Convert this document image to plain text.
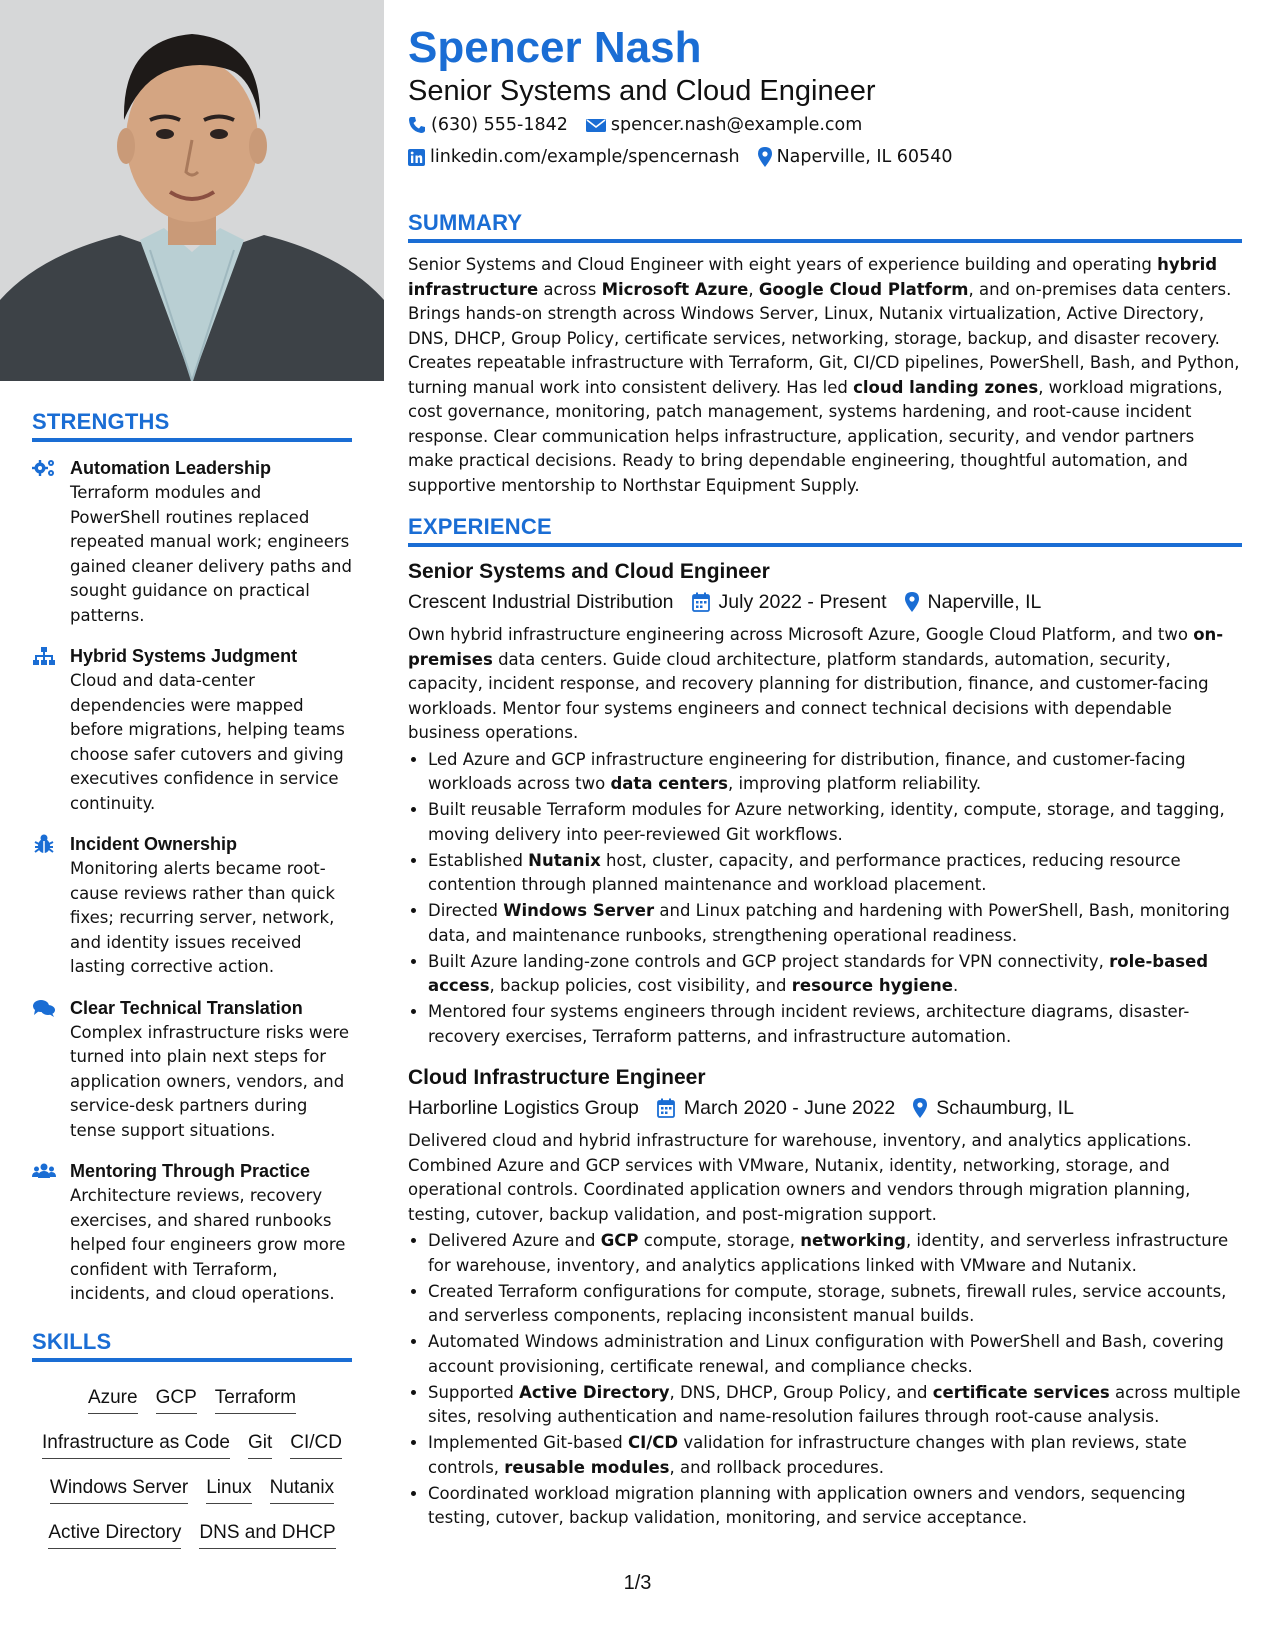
STRENGTHS
Automation Leadership
Terraform modules and PowerShell routines replaced repeated manual work; engineers gained cleaner delivery paths and sought guidance on practical patterns.
Hybrid Systems Judgment
Cloud and data-center dependencies were mapped before migrations, helping teams choose safer cutovers and giving executives confidence in service continuity.
Incident Ownership
Monitoring alerts became root-cause reviews rather than quick fixes; recurring server, network, and identity issues received lasting corrective action.
Clear Technical Translation
Complex infrastructure risks were turned into plain next steps for application owners, vendors, and service-desk partners during tense support situations.
Mentoring Through Practice
Architecture reviews, recovery exercises, and shared runbooks helped four engineers grow more confident with Terraform, incidents, and cloud operations.
SKILLS
Azure GCP Terraform
Infrastructure as Code Git CI/CD
Windows Server Linux Nutanix
Active Directory DNS and DHCP
Spencer Nash
Senior Systems and Cloud Engineer
(630) 555-1842 spencer.nash@example.com
linkedin.com/example/spencernash Naperville, IL 60540
SUMMARY
Senior Systems and Cloud Engineer with eight years of experience building and operating hybrid infrastructure across Microsoft Azure, Google Cloud Platform, and on-premises data centers. Brings hands-on strength across Windows Server, Linux, Nutanix virtualization, Active Directory, DNS, DHCP, Group Policy, certificate services, networking, storage, backup, and disaster recovery. Creates repeatable infrastructure with Terraform, Git, CI/CD pipelines, PowerShell, Bash, and Python, turning manual work into consistent delivery. Has led cloud landing zones, workload migrations, cost governance, monitoring, patch management, systems hardening, and root-cause incident response. Clear communication helps infrastructure, application, security, and vendor partners make practical decisions. Ready to bring dependable engineering, thoughtful automation, and supportive mentorship to Northstar Equipment Supply.
EXPERIENCE
Senior Systems and Cloud Engineer
Crescent Industrial Distribution July 2022 - Present Naperville, IL
Own hybrid infrastructure engineering across Microsoft Azure, Google Cloud Platform, and two on-premises data centers. Guide cloud architecture, platform standards, automation, security, capacity, incident response, and recovery planning for distribution, finance, and customer-facing workloads. Mentor four systems engineers and connect technical decisions with dependable business operations.
• Led Azure and GCP infrastructure engineering for distribution, finance, and customer-facing workloads across two data centers, improving platform reliability.
• Built reusable Terraform modules for Azure networking, identity, compute, storage, and tagging, moving delivery into peer-reviewed Git workflows.
• Established Nutanix host, cluster, capacity, and performance practices, reducing resource contention through planned maintenance and workload placement.
• Directed Windows Server and Linux patching and hardening with PowerShell, Bash, monitoring data, and maintenance runbooks, strengthening operational readiness.
• Built Azure landing-zone controls and GCP project standards for VPN connectivity, role-based access, backup policies, cost visibility, and resource hygiene.
• Mentored four systems engineers through incident reviews, architecture diagrams, disaster-recovery exercises, Terraform patterns, and infrastructure automation.
Cloud Infrastructure Engineer
Harborline Logistics Group March 2020 - June 2022 Schaumburg, IL
Delivered cloud and hybrid infrastructure for warehouse, inventory, and analytics applications. Combined Azure and GCP services with VMware, Nutanix, identity, networking, storage, and operational controls. Coordinated application owners and vendors through migration planning, testing, cutover, backup validation, and post-migration support.
• Delivered Azure and GCP compute, storage, networking, identity, and serverless infrastructure for warehouse, inventory, and analytics applications linked with VMware and Nutanix.
• Created Terraform configurations for compute, storage, subnets, firewall rules, service accounts, and serverless components, replacing inconsistent manual builds.
• Automated Windows administration and Linux configuration with PowerShell and Bash, covering account provisioning, certificate renewal, and compliance checks.
• Supported Active Directory, DNS, DHCP, Group Policy, and certificate services across multiple sites, resolving authentication and name-resolution failures through root-cause analysis.
• Implemented Git-based CI/CD validation for infrastructure changes with plan reviews, state controls, reusable modules, and rollback procedures.
• Coordinated workload migration planning with application owners and vendors, sequencing testing, cutover, backup validation, monitoring, and service acceptance.
1/3
